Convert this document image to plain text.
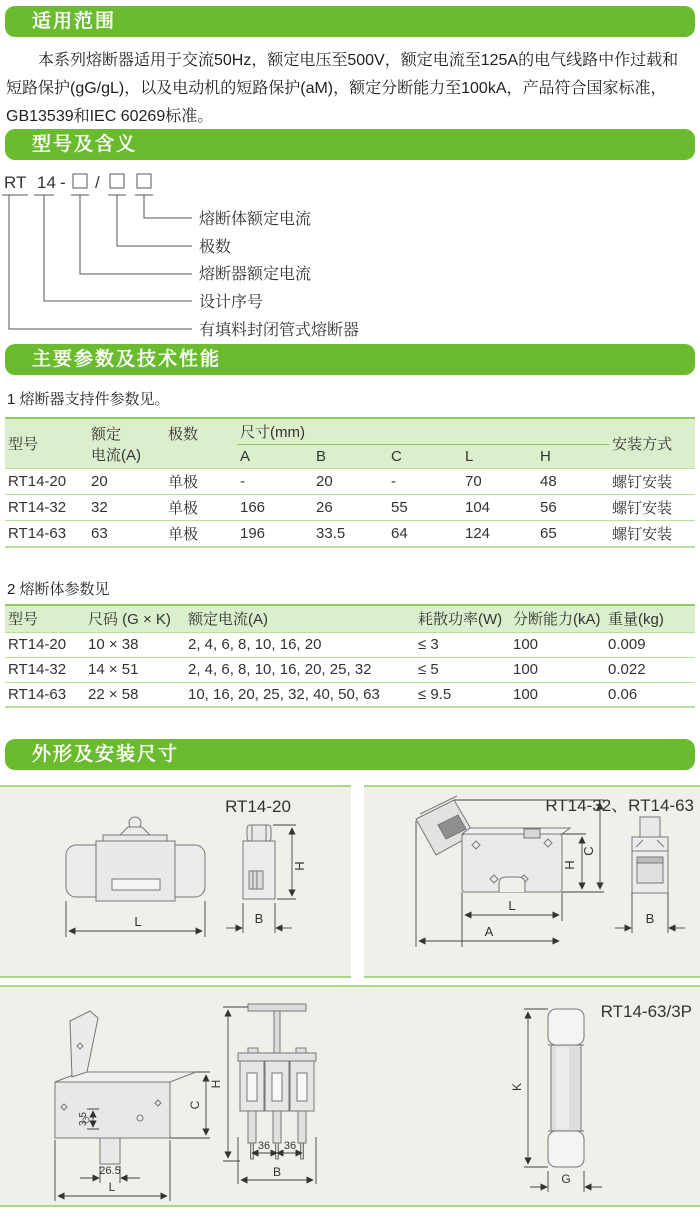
适用范围

本系列熔断器适用于交流50Hz，额定电压至500V，额定电流至125A的电气线路中作过载和短路保护(gG/gL)，以及电动机的短路保护(aM)，额定分断能力至100kA，产品符合国家标准，GB13539和IEC 60269标准。

型号及含义
RT 14 - /
熔断体额定电流
极数
熔断器额定电流
设计序号
有填料封闭管式熔断器
主要参数及技术性能
1 熔断器支持件参数见。
型号	额定
电流(A)	极数	尺寸(mm)					安装方式
			A	B	C	L	H	
RT14-20	20	单极	-	20	-	70	48	螺钉安装
RT14-32	32	单极	166	26	55	104	56	螺钉安装
RT14-63	63	单极	196	33.5	64	124	65	螺钉安装
2 熔断体参数见
型号	尺码 (G × K)	额定电流(A)	耗散功率(W)	分断能力(kA)	重量(kg)
RT14-20	10 × 38	2, 4, 6, 8, 10, 16, 20	≤ 3	100	0.009
RT14-32	14 × 51	2, 4, 6, 8, 10, 16, 20, 25, 32	≤ 5	100	0.022
RT14-63	22 × 58	10, 16, 20, 25, 32, 40, 50, 63	≤ 9.5	100	0.06
外形及安装尺寸
RT14-20
L
H
B
RT14-32、RT14-63
H
C
L
A
B
RT14-63/3P
3.5
26.5
L
C
H
36 36
B
K
G
